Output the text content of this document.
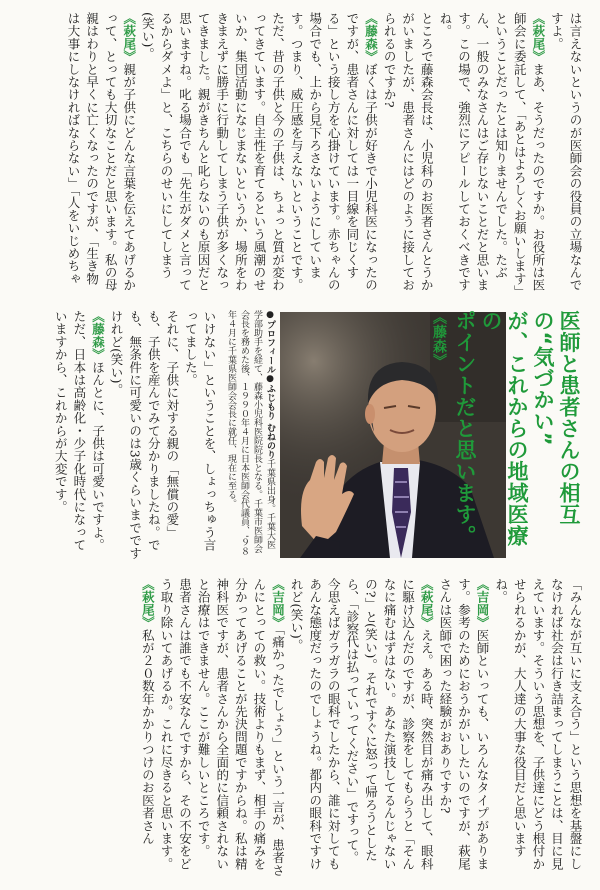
は言えないというのが医師会の役員の立場なんですよ。

《萩尾》まあ、そうだったのですか。お役所は医師会に委託して、「あとはよろしくお願いします」ということだったとは知りませんでした。たぶん、一般のみなさんはご存じないことだと思います。この場で、強烈にアピールしておくべきですね。

ところで藤森会長は、小児科のお医者さんとうかがいましたが、患者さんにはどのように接しておられるのですか?

《藤森》ぼくは子供が好きで小児科医になったのですが、患者さんに対しては一目線を同じくする」という接し方を心掛けています。赤ちゃんの場合でも、上から見下ろさないようにしています。つまり、威圧感を与えないということです。

ただ、昔の子供と今の子供は、ちょっと質が変わってきています。自主性を育てるという風潮のせいか、集団活動になじまないというか、場所をわきまえずに勝手に行動してしまう子供が多くなってきました。親がきちんと叱らないのも原因だと思いますね。叱る場合でも「先生がダメと言ってるからダメよ」と、こちらのせいにしてしまう(笑い)。

《萩尾》親が子供にどんな言葉を伝えてあげるかって、とっても大切なことだと思います。私の母親はわりと早くに亡くなったのですが、「生き物は大事にしなければならない」「人をいじめちゃ

いけない」ということを、しょっちゅう言ってました。

それに、子供に対する親の「無償の愛」も、子供を産んでみて分かりましたね。でも、無条件に可愛いのは3歳くらいまでですけれど(笑い)。

《藤森》ほんとに、子供は可愛いですよ。ただ、日本は高齢化・少子化時代になっていますから、これからが大変です。	●プロフィール●ふじもり むねのり千葉県出身。千葉大医学部助手を経て、藤森小児科医院院長となる。千葉市医師会会長を務めた後、１９９０年４月に日本医師会代議員、'９８年４月に千葉県医師会会長に就任、現在に至る。	医師と患者さんの相互の“気づかい”
が、これからの地域医療の
ポイントだと思います。《藤森》

「みんなが互いに支え合う」という思想を基盤にしなければ社会は行き詰まってしまうことは、目に見えています。そういう思想を、子供達にどう根付かせられるかが、大人達の大事な役目だと思いますね。

《吉岡》医師といっても、いろんなタイプがあります。参考のためにおうかがいしたいのですが、萩尾さんは医師で困った経験がおありですか?

《萩尾》ええ。ある時、突然目が痛み出して、眼科に駆け込んだのですが、診察をしてもらうと「そんなに痛むはずはない。あなた演技してるんじゃないの?」と(笑い)。それですぐに怒って帰ろうとしたら、「診察代は払っていってください」ですって。

今思えばガラガラの眼科でしたから、誰に対してもあんな態度だったのでしょうね。都内の眼科ですけれど(笑い)。

《吉岡》「痛かったでしょう」という一言が、患者さんにとっての救い。技術よりもまず、相手の痛みを分かってあげることが先決問題ですからね。私は精神科医ですが、患者さんから全面的に信頼されないと治療はできません。ここが難しいところです。

患者さんは誰でも不安なんですから、その不安をどう取り除いてあげるか。これに尽きると思います。

《萩尾》私が２０数年かかりつけのお医者さん
